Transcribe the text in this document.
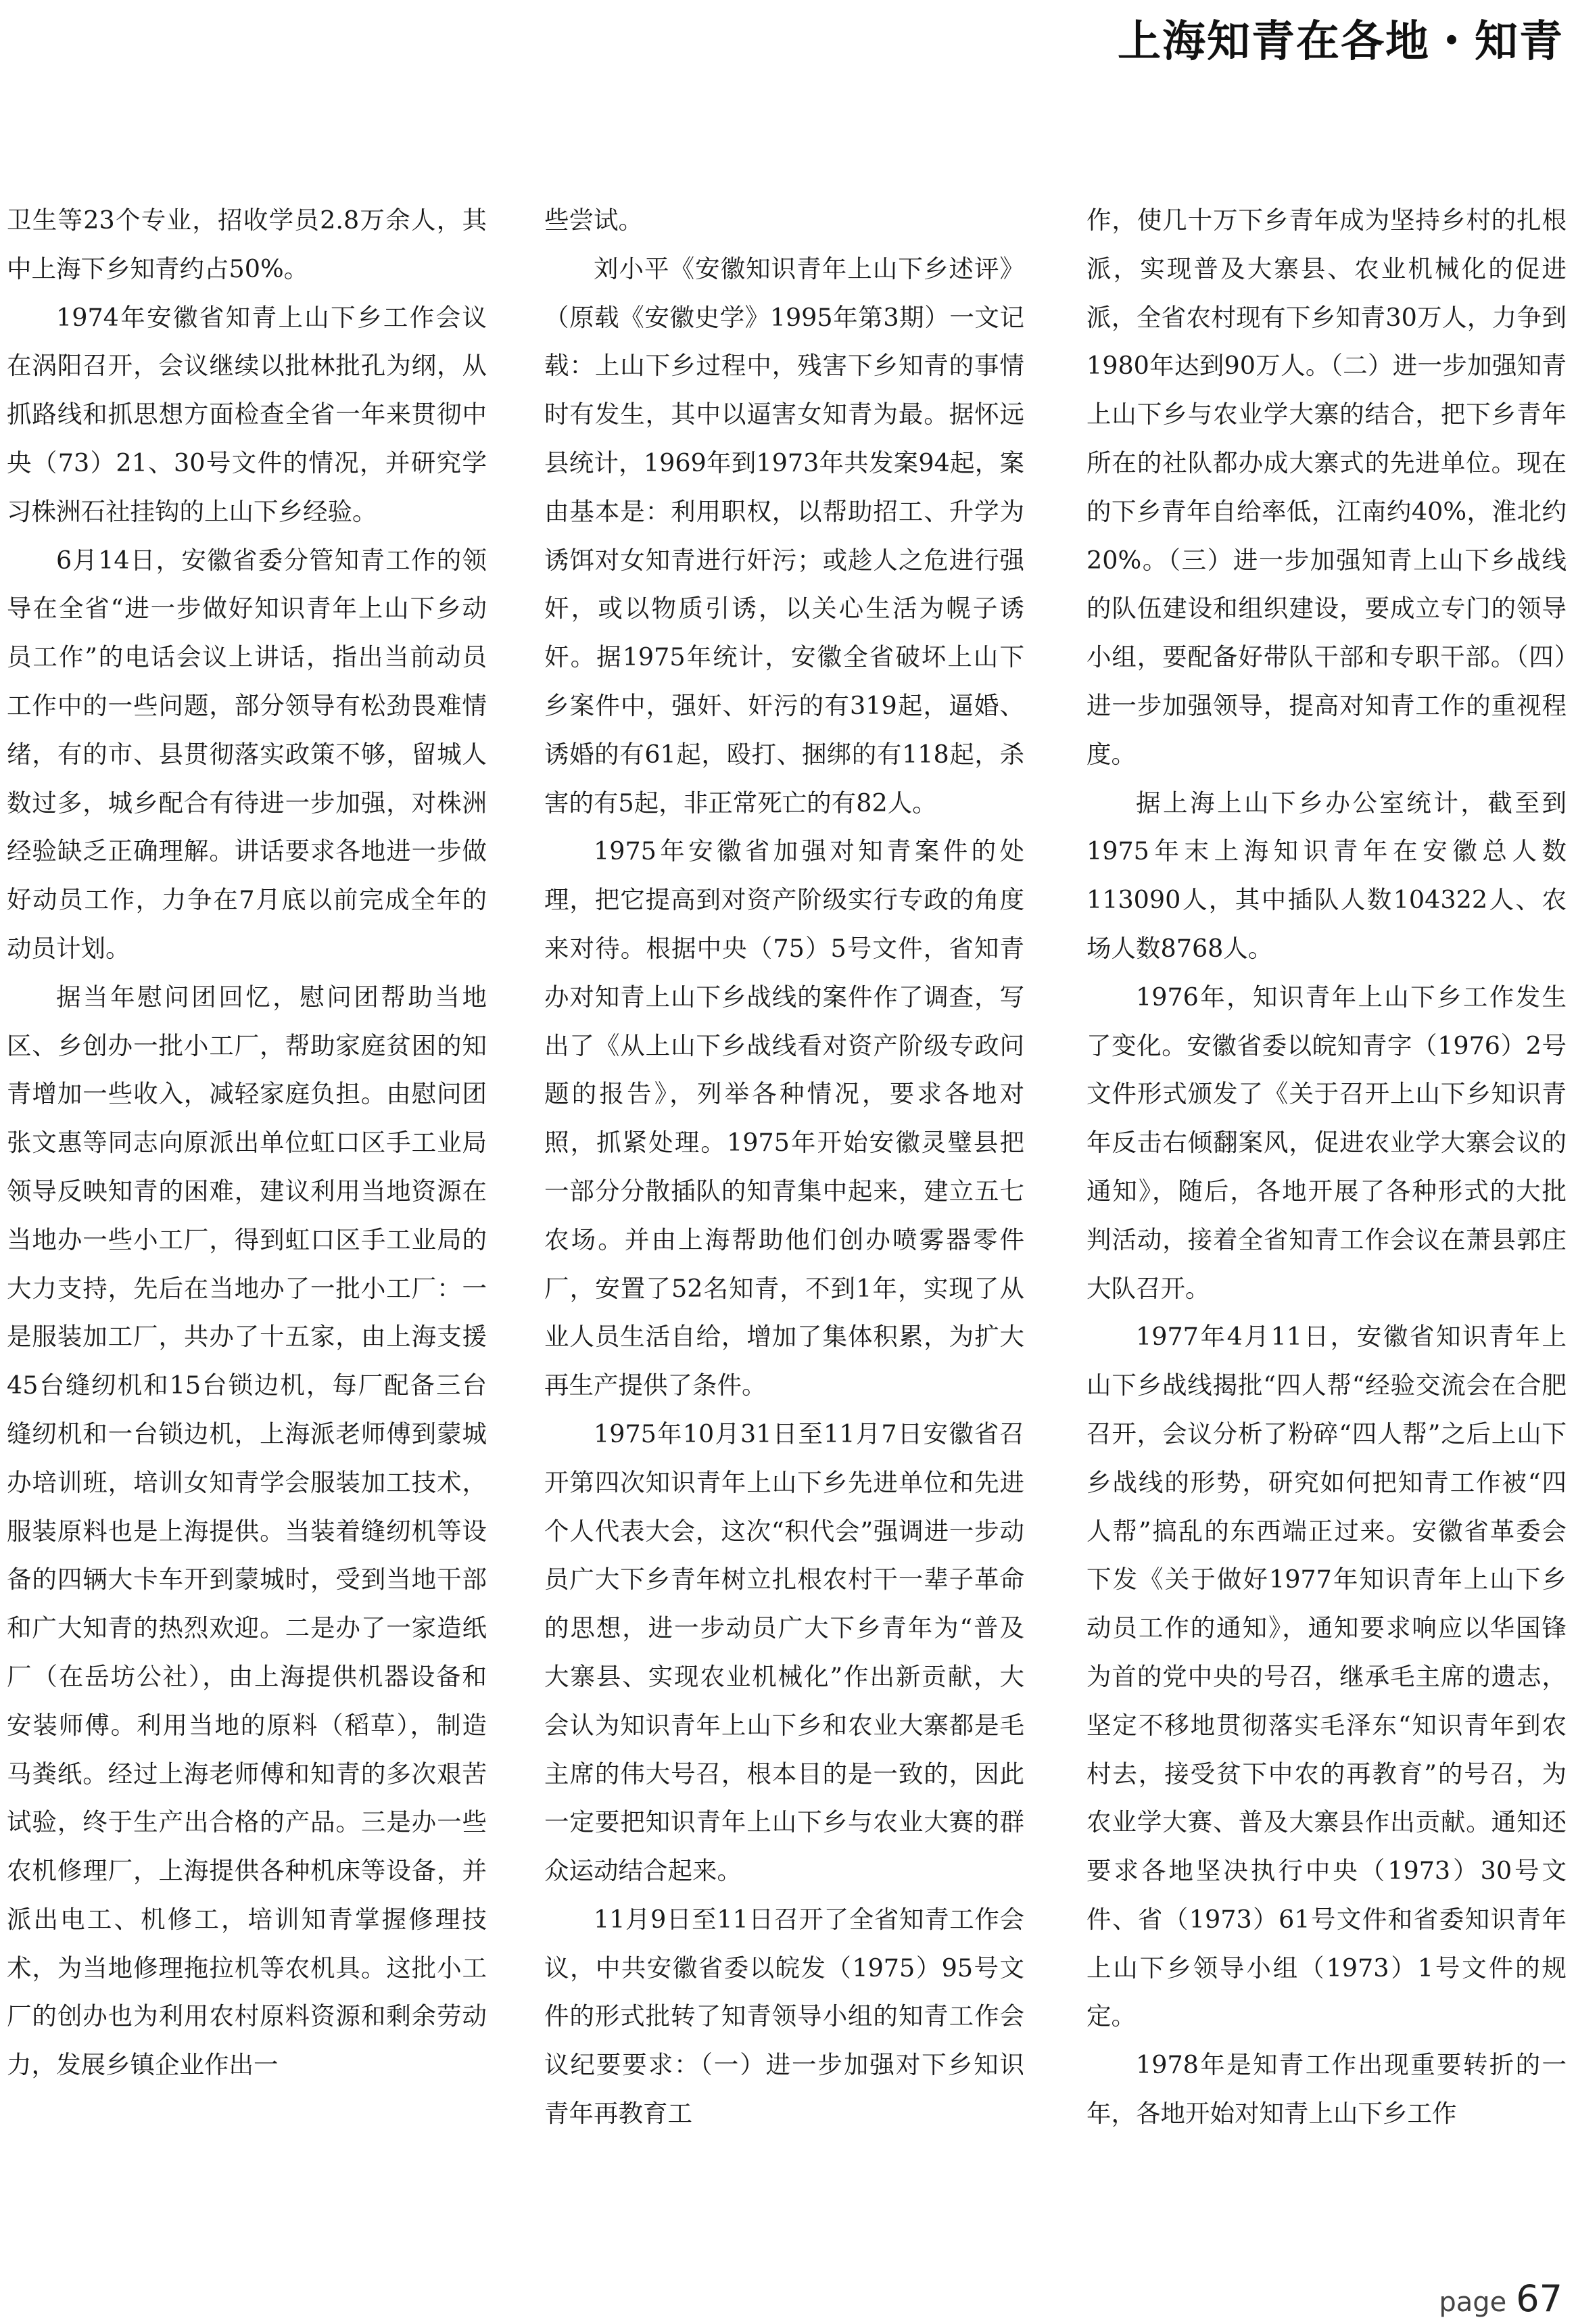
上海知青在各地・知青

卫生等23个专业，招收学员2.8万余人，其中上海下乡知青约占50%。

1974年安徽省知青上山下乡工作会议在涡阳召开，会议继续以批林批孔为纲，从抓路线和抓思想方面检查全省一年来贯彻中央（73）21、30号文件的情况，并研究学习株洲石社挂钩的上山下乡经验。

6月14日，安徽省委分管知青工作的领导在全省“进一步做好知识青年上山下乡动员工作”的电话会议上讲话，指出当前动员工作中的一些问题，部分领导有松劲畏难情绪，有的市、县贯彻落实政策不够，留城人数过多，城乡配合有待进一步加强，对株洲经验缺乏正确理解。讲话要求各地进一步做好动员工作，力争在7月底以前完成全年的动员计划。

据当年慰问团回忆，慰问团帮助当地区、乡创办一批小工厂，帮助家庭贫困的知青增加一些收入，减轻家庭负担。由慰问团张文惠等同志向原派出单位虹口区手工业局领导反映知青的困难，建议利用当地资源在当地办一些小工厂，得到虹口区手工业局的大力支持，先后在当地办了一批小工厂：一是服装加工厂，共办了十五家，由上海支援45台缝纫机和15台锁边机，每厂配备三台缝纫机和一台锁边机，上海派老师傅到蒙城办培训班，培训女知青学会服装加工技术，服装原料也是上海提供。当装着缝纫机等设备的四辆大卡车开到蒙城时，受到当地干部和广大知青的热烈欢迎。二是办了一家造纸厂（在岳坊公社），由上海提供机器设备和安装师傅。利用当地的原料（稻草），制造马粪纸。经过上海老师傅和知青的多次艰苦试验，终于生产出合格的产品。三是办一些农机修理厂，上海提供各种机床等设备，并派出电工、机修工，培训知青掌握修理技术，为当地修理拖拉机等农机具。这批小工厂的创办也为利用农村原料资源和剩余劳动力，发展乡镇企业作出一

些尝试。

刘小平《安徽知识青年上山下乡述评》（原载《安徽史学》1995年第3期）一文记载：上山下乡过程中，残害下乡知青的事情时有发生，其中以逼害女知青为最。据怀远县统计，1969年到1973年共发案94起，案由基本是：利用职权，以帮助招工、升学为诱饵对女知青进行奸污；或趁人之危进行强奸，或以物质引诱，以关心生活为幌子诱奸。据1975年统计，安徽全省破坏上山下乡案件中，强奸、奸污的有319起，逼婚、诱婚的有61起，殴打、捆绑的有118起，杀害的有5起，非正常死亡的有82人。

1975年安徽省加强对知青案件的处理，把它提高到对资产阶级实行专政的角度来对待。根据中央（75）5号文件，省知青办对知青上山下乡战线的案件作了调查，写出了《从上山下乡战线看对资产阶级专政问题的报告》，列举各种情况，要求各地对照，抓紧处理。1975年开始安徽灵璧县把一部分分散插队的知青集中起来，建立五七农场。并由上海帮助他们创办喷雾器零件厂，安置了52名知青，不到1年，实现了从业人员生活自给，增加了集体积累，为扩大再生产提供了条件。

1975年10月31日至11月7日安徽省召开第四次知识青年上山下乡先进单位和先进个人代表大会，这次“积代会”强调进一步动员广大下乡青年树立扎根农村干一辈子革命的思想，进一步动员广大下乡青年为“普及大寨县、实现农业机械化”作出新贡献，大会认为知识青年上山下乡和农业大寨都是毛主席的伟大号召，根本目的是一致的，因此一定要把知识青年上山下乡与农业大赛的群众运动结合起来。

11月9日至11日召开了全省知青工作会议，中共安徽省委以皖发（1975）95号文件的形式批转了知青领导小组的知青工作会议纪要要求：（一）进一步加强对下乡知识青年再教育工

作，使几十万下乡青年成为坚持乡村的扎根派，实现普及大寨县、农业机械化的促进派，全省农村现有下乡知青30万人，力争到1980年达到90万人。（二）进一步加强知青上山下乡与农业学大寨的结合，把下乡青年所在的社队都办成大寨式的先进单位。现在的下乡青年自给率低，江南约40%，淮北约20%。（三）进一步加强知青上山下乡战线的队伍建设和组织建设，要成立专门的领导小组，要配备好带队干部和专职干部。（四）进一步加强领导，提高对知青工作的重视程度。

据上海上山下乡办公室统计，截至到1975年末上海知识青年在安徽总人数113090人，其中插队人数104322人、农场人数8768人。

1976年，知识青年上山下乡工作发生了变化。安徽省委以皖知青字（1976）2号文件形式颁发了《关于召开上山下乡知识青年反击右倾翻案风，促进农业学大寨会议的通知》，随后，各地开展了各种形式的大批判活动，接着全省知青工作会议在萧县郭庄大队召开。

1977年4月11日，安徽省知识青年上山下乡战线揭批“四人帮“经验交流会在合肥召开，会议分析了粉碎“四人帮”之后上山下乡战线的形势，研究如何把知青工作被“四人帮”搞乱的东西端正过来。安徽省革委会下发《关于做好1977年知识青年上山下乡动员工作的通知》，通知要求响应以华国锋为首的党中央的号召，继承毛主席的遗志，坚定不移地贯彻落实毛泽东“知识青年到农村去，接受贫下中农的再教育”的号召，为农业学大赛、普及大寨县作出贡献。通知还要求各地坚决执行中央（1973）30号文件、省（1973）61号文件和省委知识青年上山下乡领导小组（1973）1号文件的规定。

1978年是知青工作出现重要转折的一年，各地开始对知青上山下乡工作

page 67
